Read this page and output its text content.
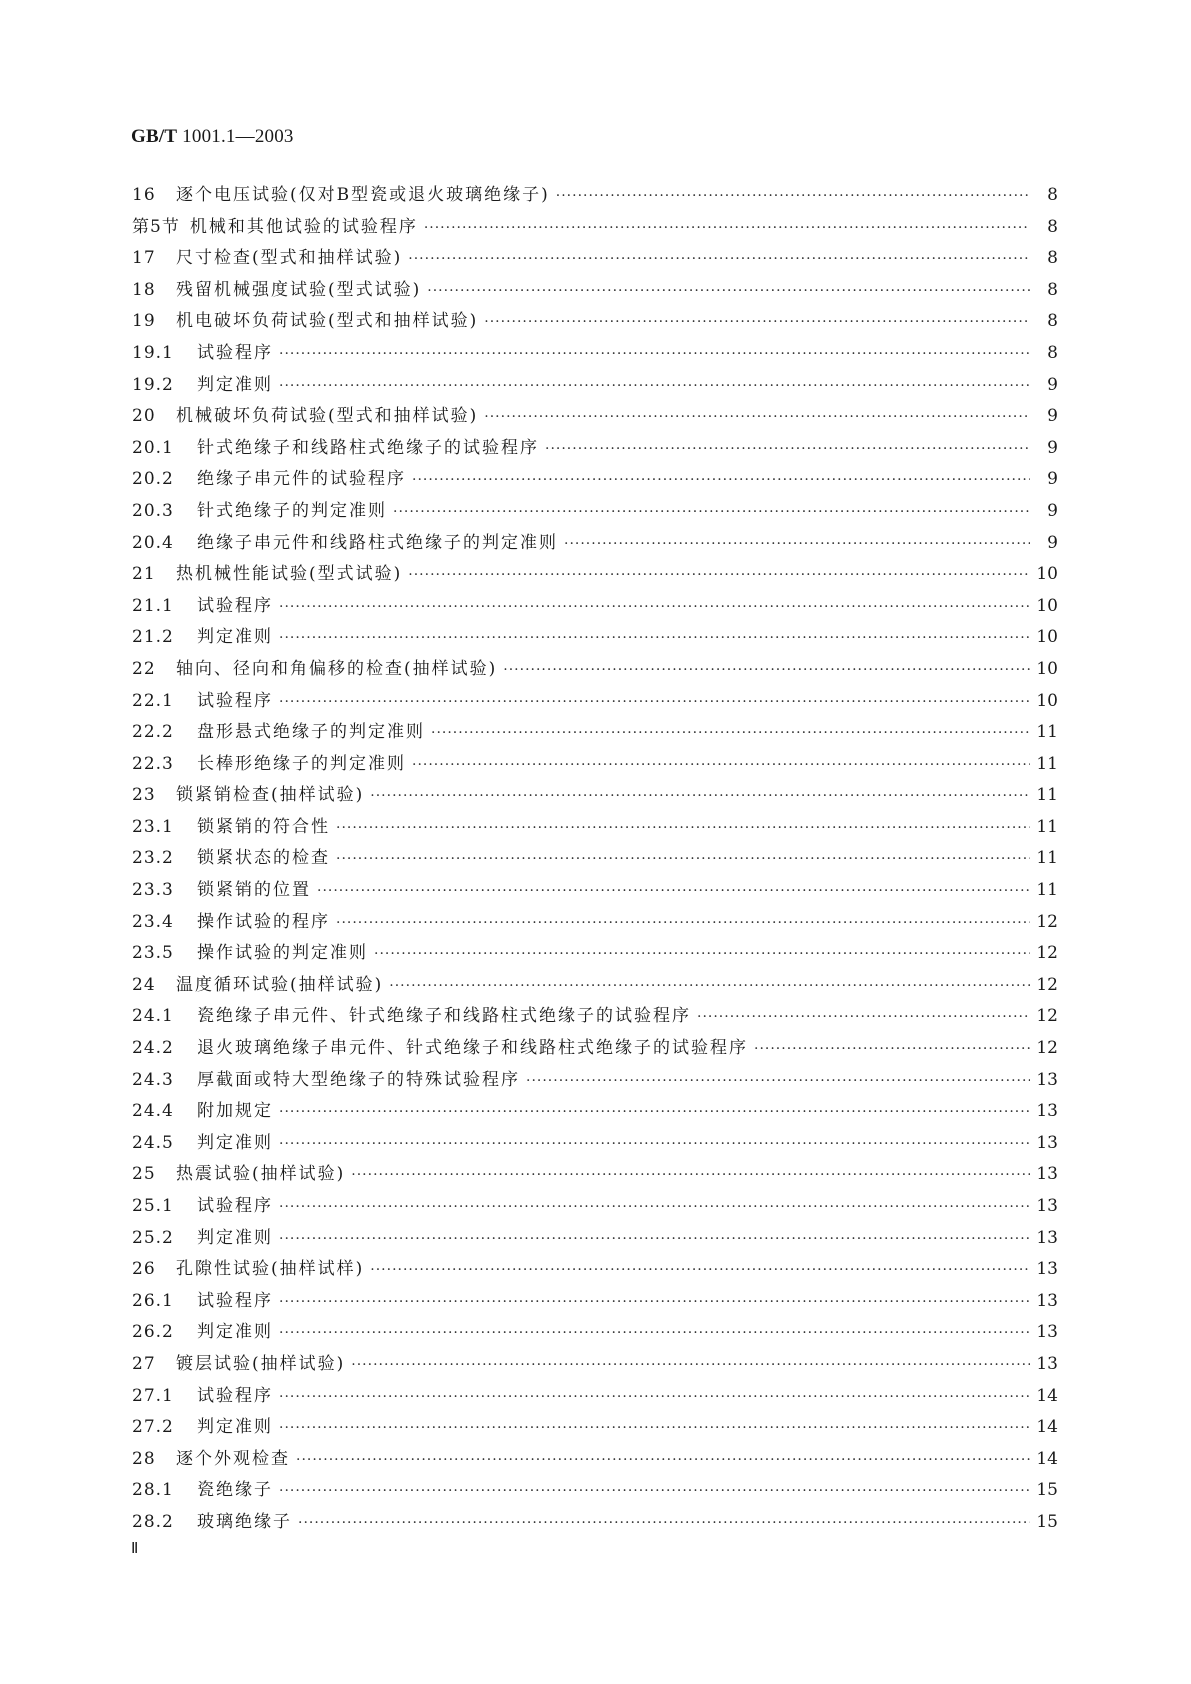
GB/T 1001.1—2003
16	逐个电压试验(仅对B型瓷或退火玻璃绝缘子) ·····	8
第5节 机械和其他试验的试验程序 ·····	8
17	尺寸检查(型式和抽样试验) ·····	8
18	残留机械强度试验(型式试验) ·····	8
19	机电破坏负荷试验(型式和抽样试验) ·····	8
19.1	试验程序 ·····	8
19.2	判定准则 ·····	9
20	机械破坏负荷试验(型式和抽样试验) ·····	9
20.1	针式绝缘子和线路柱式绝缘子的试验程序 ·····	9
20.2	绝缘子串元件的试验程序 ·····	9
20.3	针式绝缘子的判定准则 ·····	9
20.4	绝缘子串元件和线路柱式绝缘子的判定准则 ·····	9
21	热机械性能试验(型式试验) ·····	10
21.1	试验程序 ·····	10
21.2	判定准则 ·····	10
22	轴向、径向和角偏移的检查(抽样试验) ·····	10
22.1	试验程序 ·····	10
22.2	盘形悬式绝缘子的判定准则 ·····	11
22.3	长棒形绝缘子的判定准则 ·····	11
23	锁紧销检查(抽样试验) ·····	11
23.1	锁紧销的符合性 ·····	11
23.2	锁紧状态的检查 ·····	11
23.3	锁紧销的位置 ·····	11
23.4	操作试验的程序 ·····	12
23.5	操作试验的判定准则 ·····	12
24	温度循环试验(抽样试验) ·····	12
24.1	瓷绝缘子串元件、针式绝缘子和线路柱式绝缘子的试验程序 ·····	12
24.2	退火玻璃绝缘子串元件、针式绝缘子和线路柱式绝缘子的试验程序 ·····	12
24.3	厚截面或特大型绝缘子的特殊试验程序 ·····	13
24.4	附加规定 ·····	13
24.5	判定准则 ·····	13
25	热震试验(抽样试验) ·····	13
25.1	试验程序 ·····	13
25.2	判定准则 ·····	13
26	孔隙性试验(抽样试样) ·····	13
26.1	试验程序 ·····	13
26.2	判定准则 ·····	13
27	镀层试验(抽样试验) ·····	13
27.1	试验程序 ·····	14
27.2	判定准则 ·····	14
28	逐个外观检查 ·····	14
28.1	瓷绝缘子 ·····	15
28.2	玻璃绝缘子 ·····	15
Ⅱ
